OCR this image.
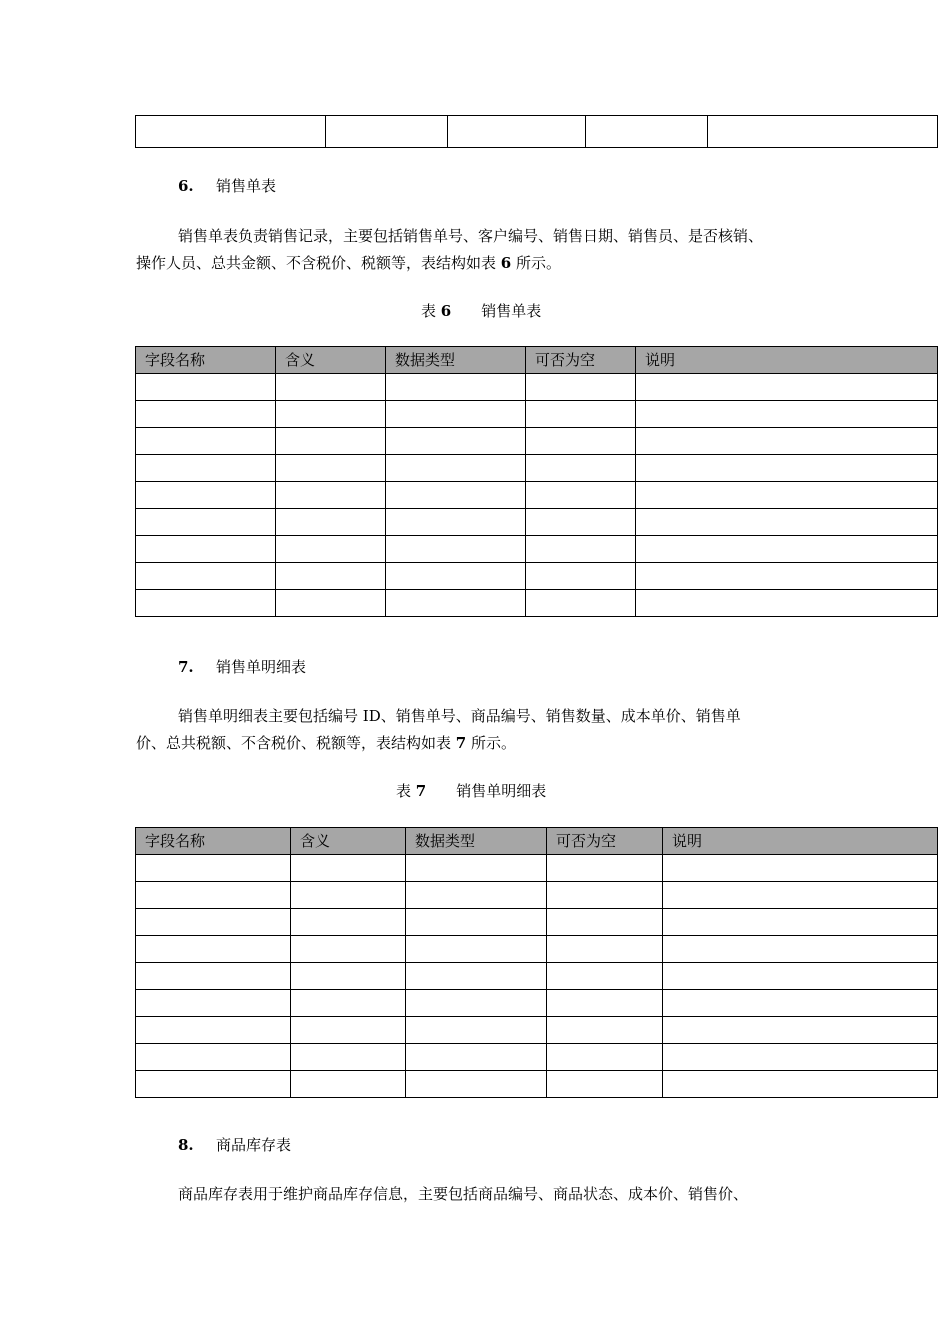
6. 销售单表
销售单表负责销售记录，主要包括销售单号、客户编号、销售日期、销售员、是否核销、
操作人员、总共金额、不含税价、税额等，表结构如表 6 所示。
表 6 销售单表
字段名称	含义	数据类型	可否为空	说明

7. 销售单明细表
销售单明细表主要包括编号 ID、销售单号、商品编号、销售数量、成本单价、销售单
价、总共税额、不含税价、税额等，表结构如表 7 所示。
表 7 销售单明细表
字段名称	含义	数据类型	可否为空	说明

8. 商品库存表
商品库存表用于维护商品库存信息，主要包括商品编号、商品状态、成本价、销售价、
